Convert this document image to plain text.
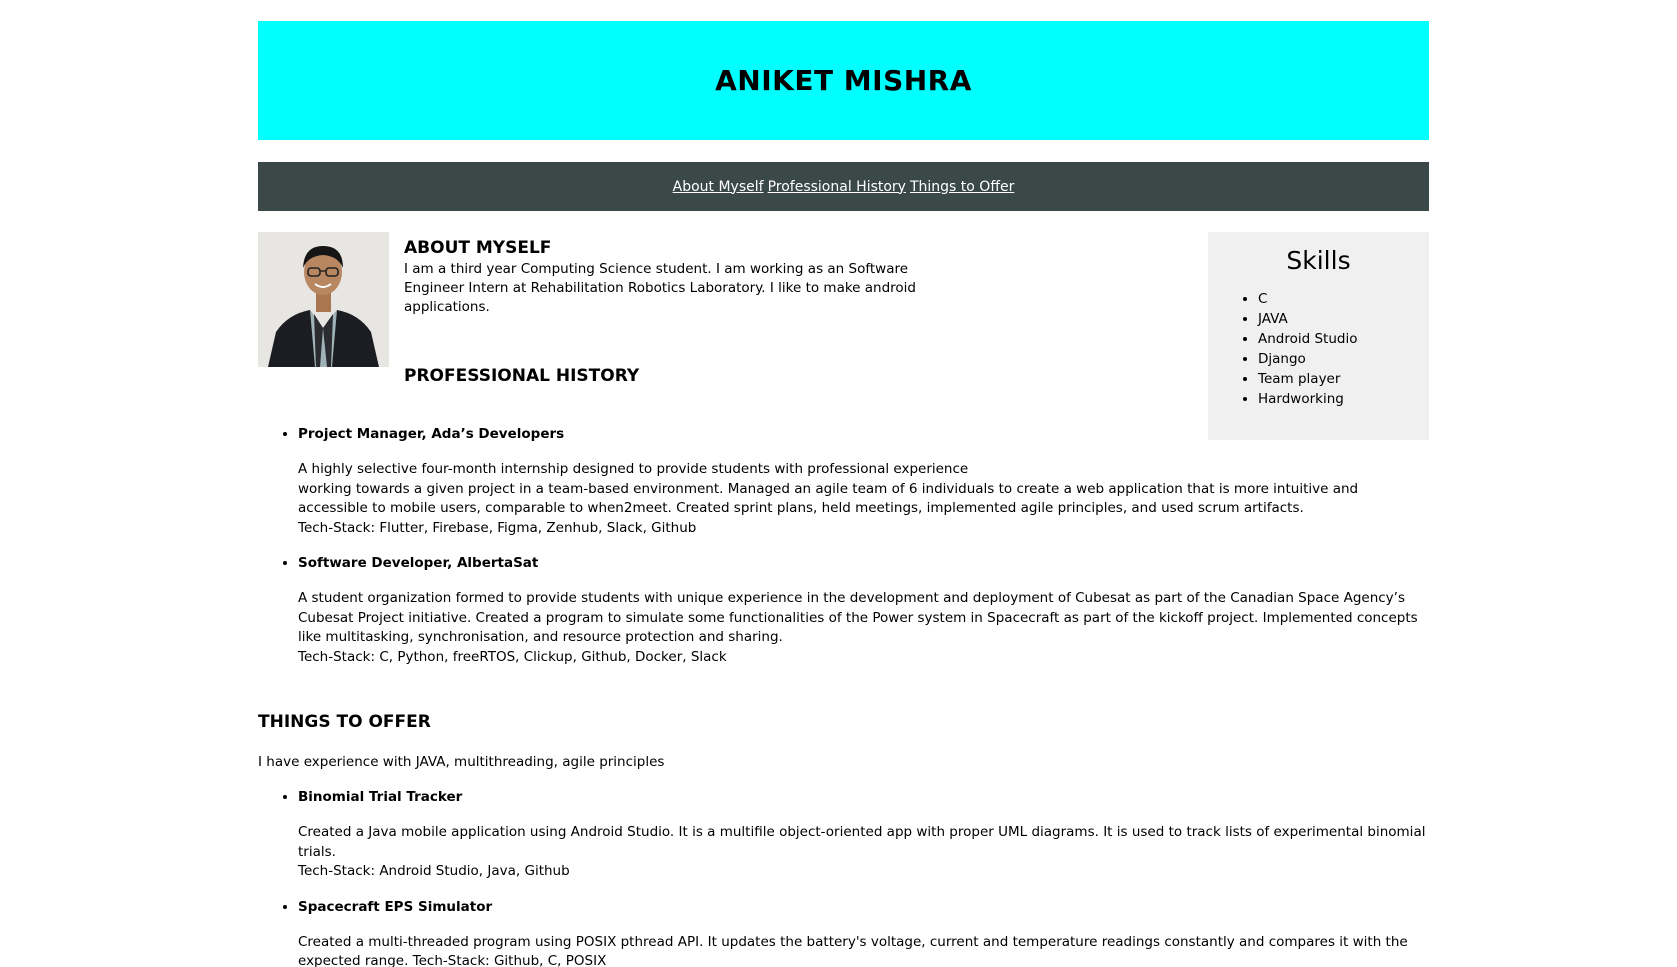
ANIKET MISHRA
About Myself Professional History Things to Offer
ABOUT MYSELF

I am a third year Computing Science student. I am working as an Software Engineer Intern at Rehabilitation Robotics Laboratory. I like to make android applications.

PROFESSIONAL HISTORY
Skills
• C
• JAVA
• Android Studio
• Django
• Team player
• Hardworking
• Project Manager, Ada’s Developers

A highly selective four-month internship designed to provide students with professional experience
working towards a given project in a team-based environment. Managed an agile team of 6 individuals to create a web application that is more intuitive and accessible to mobile users, comparable to when2meet. Created sprint plans, held meetings, implemented agile principles, and used scrum artifacts.
Tech-Stack: Flutter, Firebase, Figma, Zenhub, Slack, Github

• Software Developer, AlbertaSat

A student organization formed to provide students with unique experience in the development and deployment of Cubesat as part of the Canadian Space Agency’s Cubesat Project initiative. Created a program to simulate some functionalities of the Power system in Spacecraft as part of the kickoff project. Implemented concepts like multitasking, synchronisation, and resource protection and sharing.
Tech-Stack: C, Python, freeRTOS, Clickup, Github, Docker, Slack

THINGS TO OFFER

I have experience with JAVA, multithreading, agile principles

• Binomial Trial Tracker

Created a Java mobile application using Android Studio. It is a multifile object-oriented app with proper UML diagrams. It is used to track lists of experimental binomial trials.
Tech-Stack: Android Studio, Java, Github

• Spacecraft EPS Simulator

Created a multi-threaded program using POSIX pthread API. It updates the battery's voltage, current and temperature readings constantly and compares it with the expected range. Tech-Stack: Github, C, POSIX
